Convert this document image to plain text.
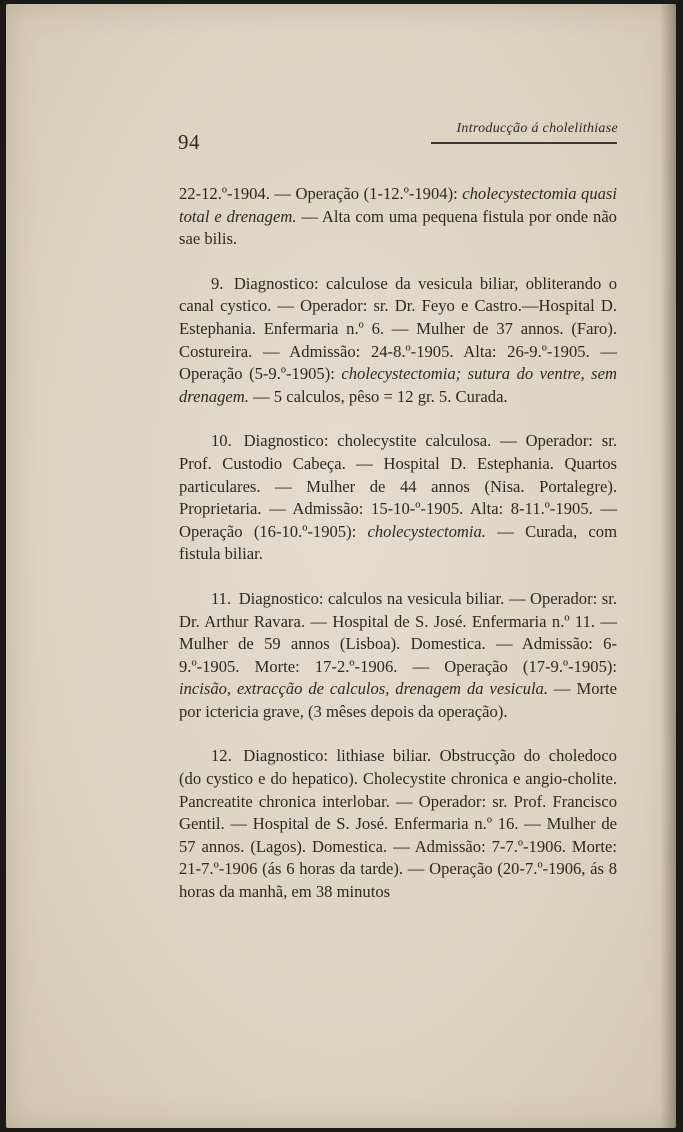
94
Introducção á cholelithiase

22-12.º-1904. — Operação (1-12.º-1904): cholecystectomia quasi total e drenagem. — Alta com uma pequena fistula por onde não sae bilis.

9. Diagnostico: calculose da vesicula biliar, obliterando o canal cystico. — Operador: sr. Dr. Feyo e Castro.—Hospital D. Estephania. Enfermaria n.º 6. — Mulher de 37 annos. (Faro). Costureira. — Admissão: 24-8.º-1905. Alta: 26-9.º-1905. — Operação (5-9.º-1905): cholecystectomia; sutura do ventre, sem drenagem. — 5 calculos, pêso = 12 gr. 5. Curada.

10. Diagnostico: cholecystite calculosa. — Operador: sr. Prof. Custodio Cabeça. — Hospital D. Estephania. Quartos particulares. — Mulher de 44 annos (Nisa. Portalegre). Proprietaria. — Admissão: 15-10-º-1905. Alta: 8-11.º-1905. — Operação (16-10.º-1905): cholecystectomia. — Curada, com fistula biliar.

11. Diagnostico: calculos na vesicula biliar. — Operador: sr. Dr. Arthur Ravara. — Hospital de S. José. Enfermaria n.º 11. — Mulher de 59 annos (Lisboa). Domestica. — Admissão: 6-9.º-1905. Morte: 17-2.º-1906. — Operação (17-9.º-1905): incisão, extracção de calculos, drenagem da vesicula. — Morte por ictericia grave, (3 mêses depois da operação).

12. Diagnostico: lithiase biliar. Obstrucção do choledoco (do cystico e do hepatico). Cholecystite chronica e angio-cholite. Pancreatite chronica interlobar. — Operador: sr. Prof. Francisco Gentil. — Hospital de S. José. Enfermaria n.º 16. — Mulher de 57 annos. (Lagos). Domestica. — Admissão: 7-7.º-1906. Morte: 21-7.º-1906 (ás 6 horas da tarde). — Operação (20-7.º-1906, ás 8 horas da manhã, em 38 minutos
